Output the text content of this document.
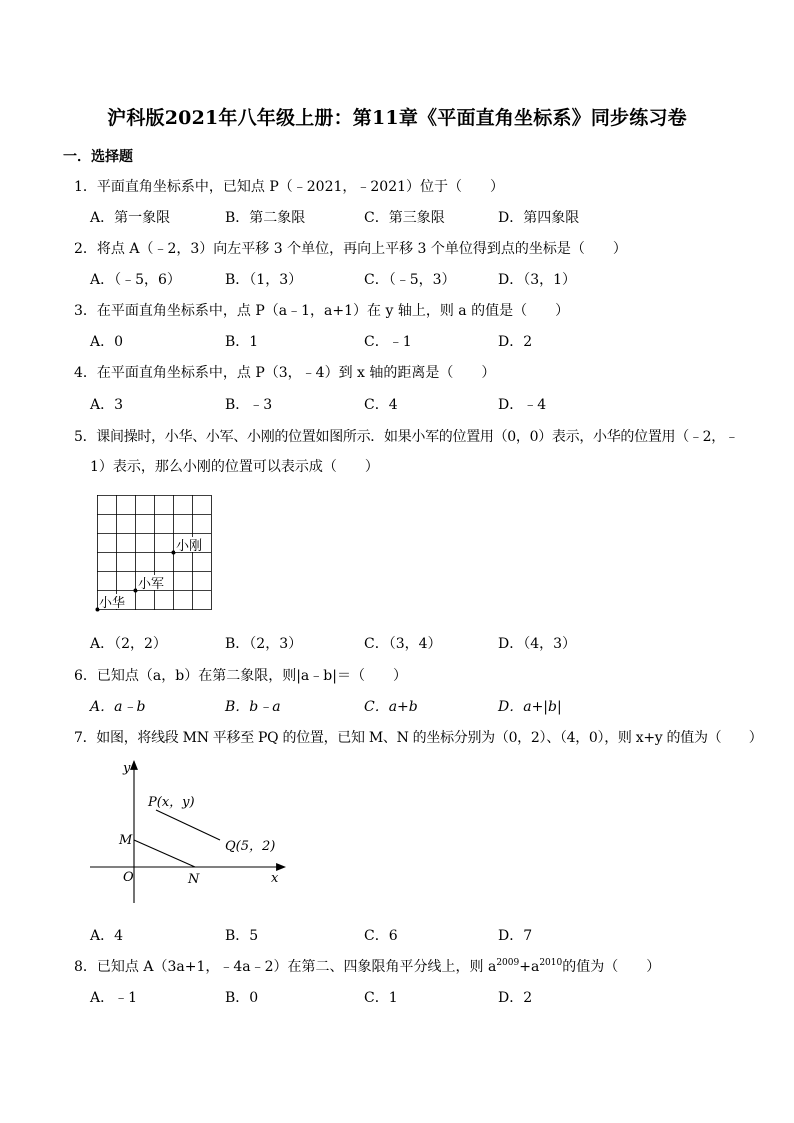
沪科版2021年八年级上册：第11章《平面直角坐标系》同步练习卷
一．选择题
1．平面直角坐标系中，已知点 P（﹣2021，﹣2021）位于（　　）
A．第一象限	B．第二象限	C．第三象限	D．第四象限
2．将点 A（﹣2，3）向左平移 3 个单位，再向上平移 3 个单位得到点的坐标是（　　）
A．（﹣5，6）	B．（1，3）	C．（﹣5，3）	D．（3，1）
3．在平面直角坐标系中，点 P（a﹣1，a+1）在 y 轴上，则 a 的值是（　　）
A．0	B．1	C．﹣1	D．2
4．在平面直角坐标系中，点 P（3，﹣4）到 x 轴的距离是（　　）
A．3	B．﹣3	C．4	D．﹣4
5．课间操时，小华、小军、小刚的位置如图所示．如果小军的位置用（0，0）表示，小华的位置用（﹣2，﹣
1）表示，那么小刚的位置可以表示成（　　）
小刚
小军
小华
A．（2，2）	B．（2，3）	C．（3，4）	D．（4，3）
6．已知点（a，b）在第二象限，则|a﹣b|＝（　　）
A．a﹣b	B．b﹣a	C．a+b	D．a+|b|
7．如图，将线段 MN 平移至 PQ 的位置，已知 M、N 的坐标分别为（0，2）、（4，0），则 x+y 的值为（　　）
y
x
O
M
N
P(x，y)
Q(5，2)
A．4	B．5	C．6	D．7
8．已知点 A（3a+1，﹣4a﹣2）在第二、四象限角平分线上，则 $a^{2009}+a^{2010}$的值为（　　）
A．﹣1	B．0	C．1	D．2
